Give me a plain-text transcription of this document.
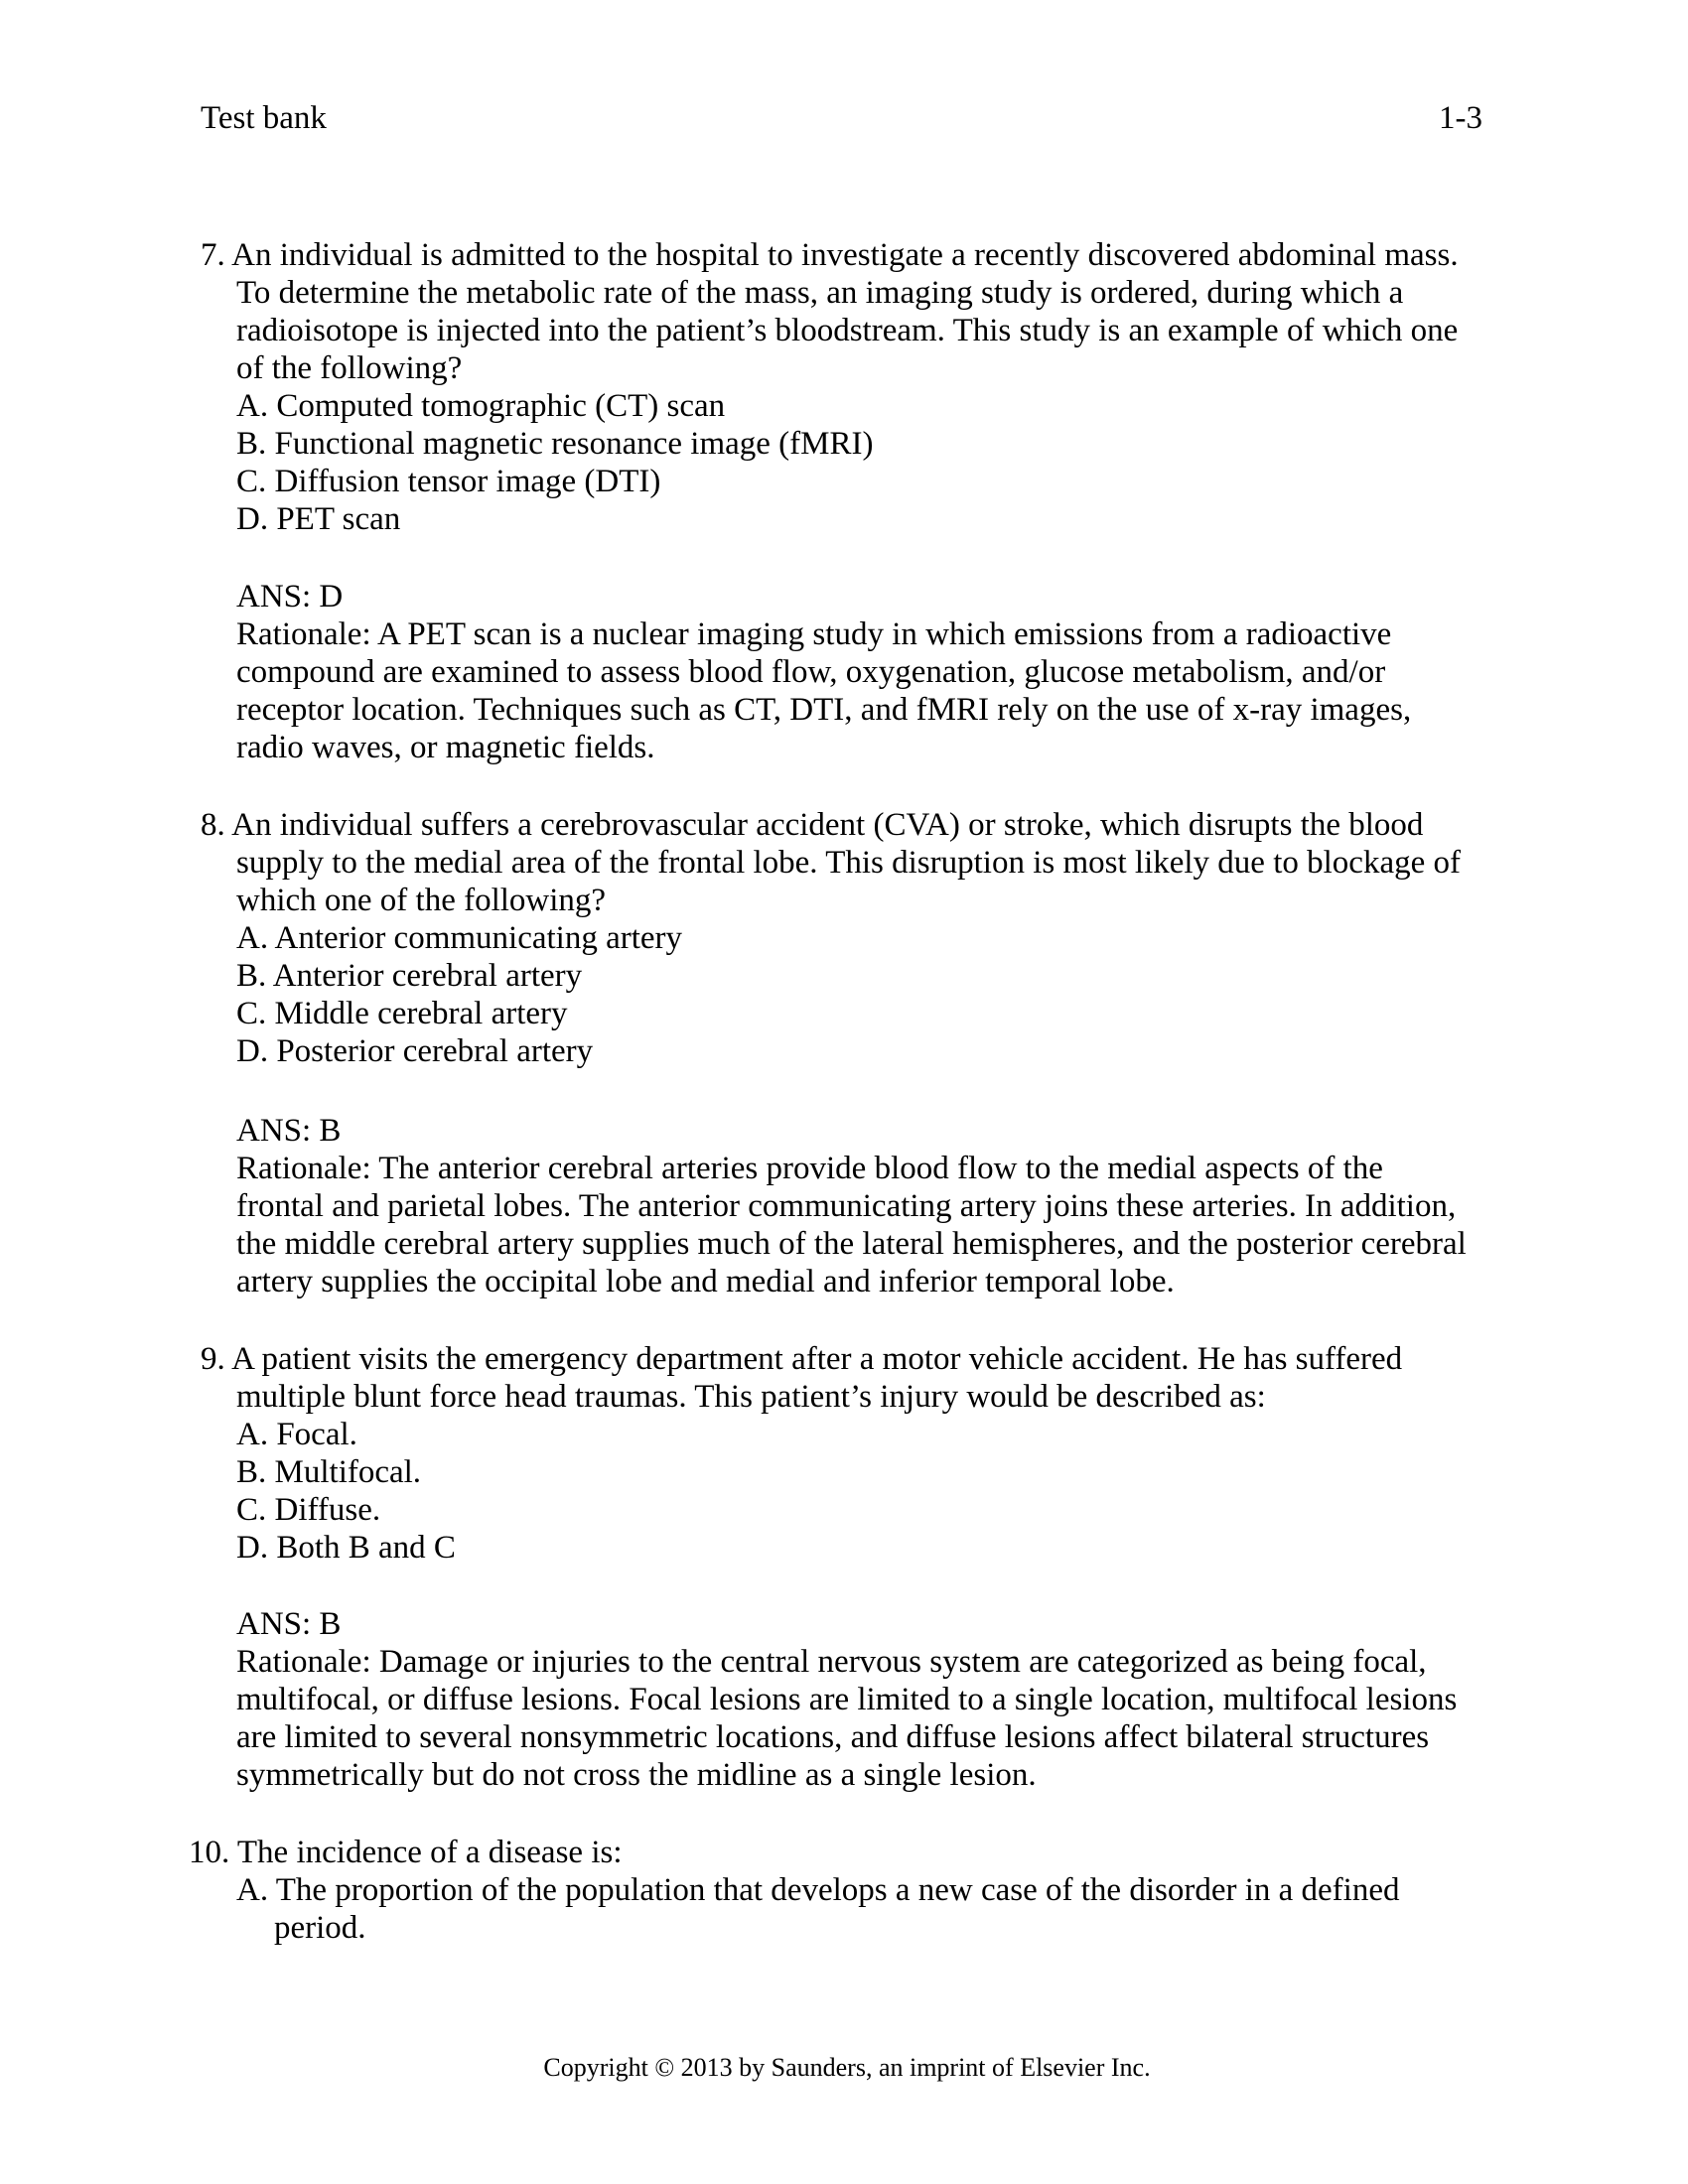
Test bank	1-3
7. An individual is admitted to the hospital to investigate a recently discovered abdominal mass.
To determine the metabolic rate of the mass, an imaging study is ordered, during which a
radioisotope is injected into the patient’s bloodstream. This study is an example of which one
of the following?
A. Computed tomographic (CT) scan
B. Functional magnetic resonance image (fMRI)
C. Diffusion tensor image (DTI)
D. PET scan
ANS: D
Rationale: A PET scan is a nuclear imaging study in which emissions from a radioactive
compound are examined to assess blood flow, oxygenation, glucose metabolism, and/or
receptor location. Techniques such as CT, DTI, and fMRI rely on the use of x-ray images,
radio waves, or magnetic fields.
8. An individual suffers a cerebrovascular accident (CVA) or stroke, which disrupts the blood
supply to the medial area of the frontal lobe. This disruption is most likely due to blockage of
which one of the following?
A. Anterior communicating artery
B. Anterior cerebral artery
C. Middle cerebral artery
D. Posterior cerebral artery
ANS: B
Rationale: The anterior cerebral arteries provide blood flow to the medial aspects of the
frontal and parietal lobes. The anterior communicating artery joins these arteries. In addition,
the middle cerebral artery supplies much of the lateral hemispheres, and the posterior cerebral
artery supplies the occipital lobe and medial and inferior temporal lobe.
9. A patient visits the emergency department after a motor vehicle accident. He has suffered
multiple blunt force head traumas. This patient’s injury would be described as:
A. Focal.
B. Multifocal.
C. Diffuse.
D. Both B and C
ANS: B
Rationale: Damage or injuries to the central nervous system are categorized as being focal,
multifocal, or diffuse lesions. Focal lesions are limited to a single location, multifocal lesions
are limited to several nonsymmetric locations, and diffuse lesions affect bilateral structures
symmetrically but do not cross the midline as a single lesion.
10. The incidence of a disease is:
A. The proportion of the population that develops a new case of the disorder in a defined
period.
Copyright © 2013 by Saunders, an imprint of Elsevier Inc.
